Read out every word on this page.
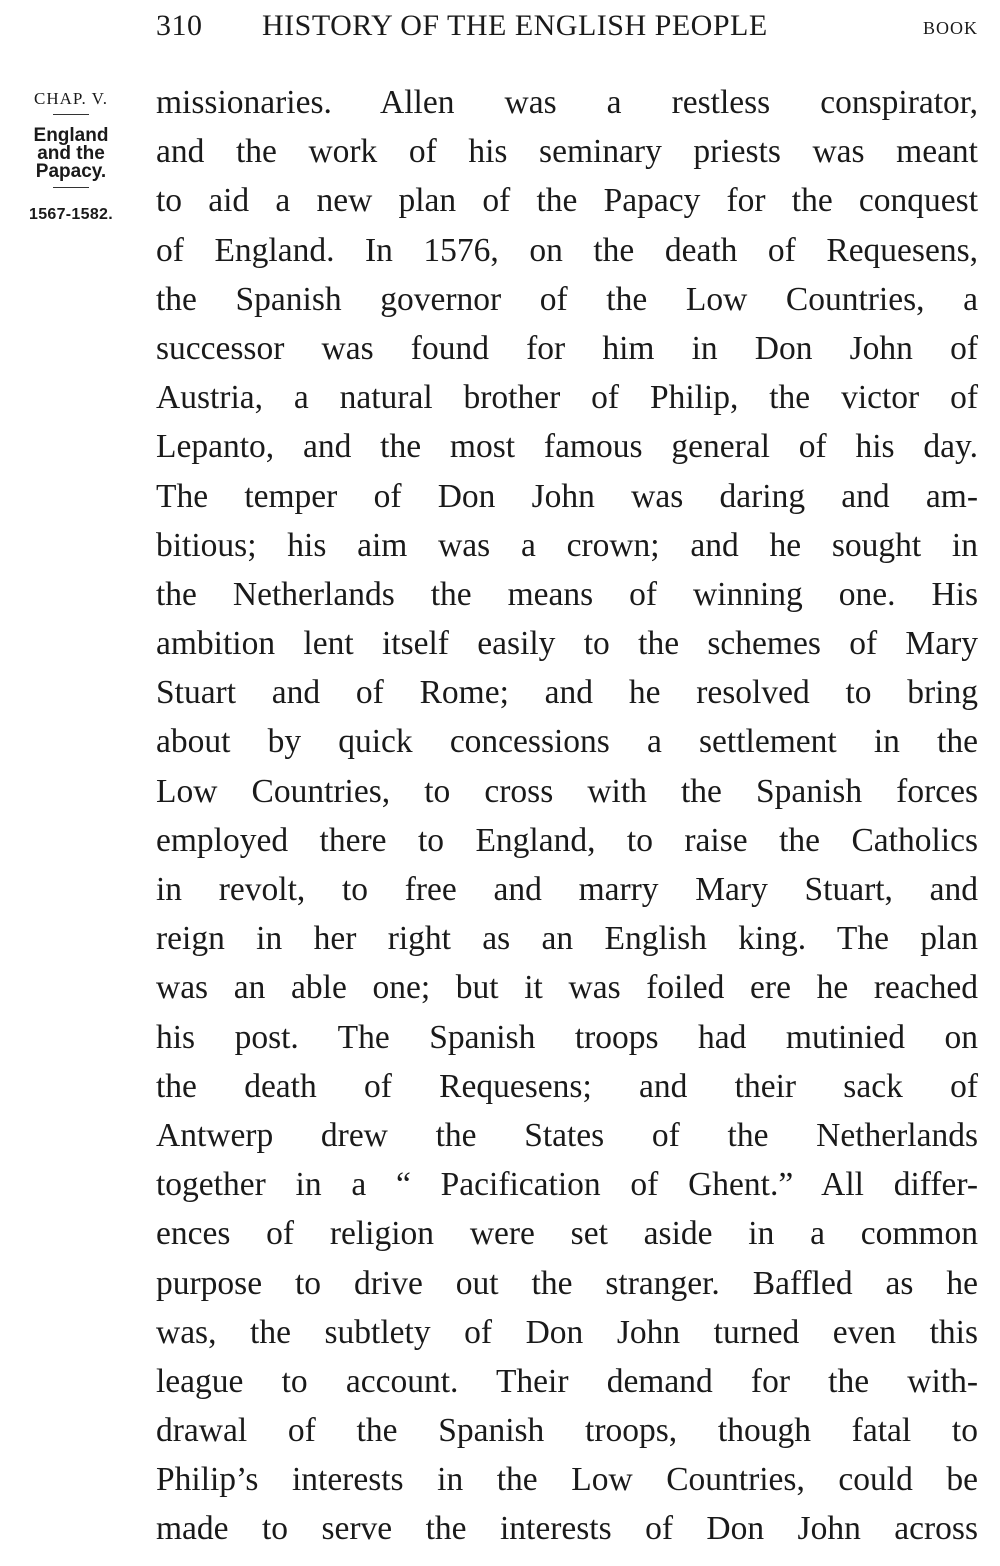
310 HISTORY OF THE ENGLISH PEOPLE	BOOK
CHAP. V.
England
and the
Papacy.
1567-1582.
missionaries. Allen was a restless conspirator,
and the work of his seminary priests was meant
to aid a new plan of the Papacy for the conquest
of England. In 1576, on the death of Requesens,
the Spanish governor of the Low Countries, a
successor was found for him in Don John of
Austria, a natural brother of Philip, the victor of
Lepanto, and the most famous general of his day.
The temper of Don John was daring and am-
bitious; his aim was a crown; and he sought in
the Netherlands the means of winning one. His
ambition lent itself easily to the schemes of Mary
Stuart and of Rome; and he resolved to bring
about by quick concessions a settlement in the
Low Countries, to cross with the Spanish forces
employed there to England, to raise the Catholics
in revolt, to free and marry Mary Stuart, and
reign in her right as an English king. The plan
was an able one; but it was foiled ere he reached
his post. The Spanish troops had mutinied on
the death of Requesens; and their sack of
Antwerp drew the States of the Netherlands
together in a “ Pacification of Ghent.” All differ-
ences of religion were set aside in a common
purpose to drive out the stranger. Baffled as he
was, the subtlety of Don John turned even this
league to account. Their demand for the with-
drawal of the Spanish troops, though fatal to
Philip’s interests in the Low Countries, could be
made to serve the interests of Don John across
